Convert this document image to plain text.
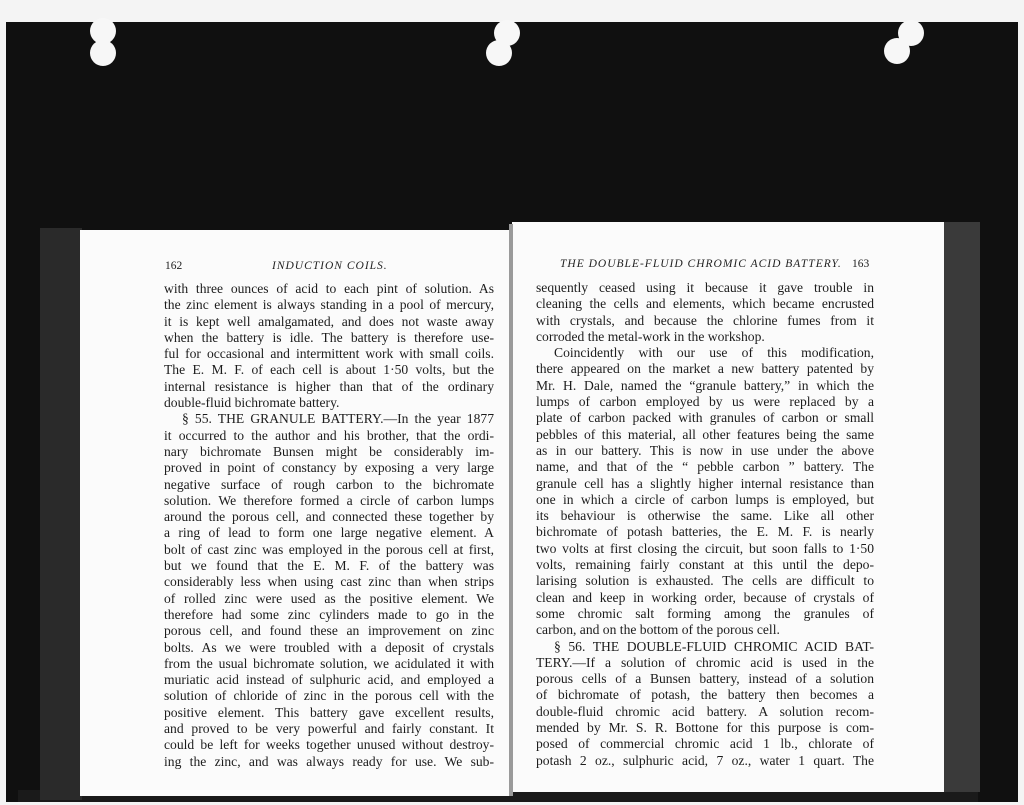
162	INDUCTION COILS.	THE DOUBLE-FLUID CHROMIC ACID BATTERY. 163
with three ounces of acid to each pint of solution. As
the zinc element is always standing in a pool of mercury,
it is kept well amalgamated, and does not waste away
when the battery is idle. The battery is therefore use-
ful for occasional and intermittent work with small coils.
The E. M. F. of each cell is about 1·50 volts, but the
internal resistance is higher than that of the ordinary
double-fluid bichromate battery.
§ 55. THE GRANULE BATTERY.—In the year 1877
it occurred to the author and his brother, that the ordi-
nary bichromate Bunsen might be considerably im-
proved in point of constancy by exposing a very large
negative surface of rough carbon to the bichromate
solution. We therefore formed a circle of carbon lumps
around the porous cell, and connected these together by
a ring of lead to form one large negative element. A
bolt of cast zinc was employed in the porous cell at first,
but we found that the E. M. F. of the battery was
considerably less when using cast zinc than when strips
of rolled zinc were used as the positive element. We
therefore had some zinc cylinders made to go in the
porous cell, and found these an improvement on zinc
bolts. As we were troubled with a deposit of crystals
from the usual bichromate solution, we acidulated it with
muriatic acid instead of sulphuric acid, and employed a
solution of chloride of zinc in the porous cell with the
positive element. This battery gave excellent results,
and proved to be very powerful and fairly constant. It
could be left for weeks together unused without destroy-
ing the zinc, and was always ready for use. We sub-
sequently ceased using it because it gave trouble in
cleaning the cells and elements, which became encrusted
with crystals, and because the chlorine fumes from it
corroded the metal-work in the workshop.
Coincidently with our use of this modification,
there appeared on the market a new battery patented by
Mr. H. Dale, named the “granule battery,” in which the
lumps of carbon employed by us were replaced by a
plate of carbon packed with granules of carbon or small
pebbles of this material, all other features being the same
as in our battery. This is now in use under the above
name, and that of the “ pebble carbon ” battery. The
granule cell has a slightly higher internal resistance than
one in which a circle of carbon lumps is employed, but
its behaviour is otherwise the same. Like all other
bichromate of potash batteries, the E. M. F. is nearly
two volts at first closing the circuit, but soon falls to 1·50
volts, remaining fairly constant at this until the depo-
larising solution is exhausted. The cells are difficult to
clean and keep in working order, because of crystals of
some chromic salt forming among the granules of
carbon, and on the bottom of the porous cell.
§ 56. THE DOUBLE-FLUID CHROMIC ACID BAT-
TERY.—If a solution of chromic acid is used in the
porous cells of a Bunsen battery, instead of a solution
of bichromate of potash, the battery then becomes a
double-fluid chromic acid battery. A solution recom-
mended by Mr. S. R. Bottone for this purpose is com-
posed of commercial chromic acid 1 lb., chlorate of
potash 2 oz., sulphuric acid, 7 oz., water 1 quart. The
